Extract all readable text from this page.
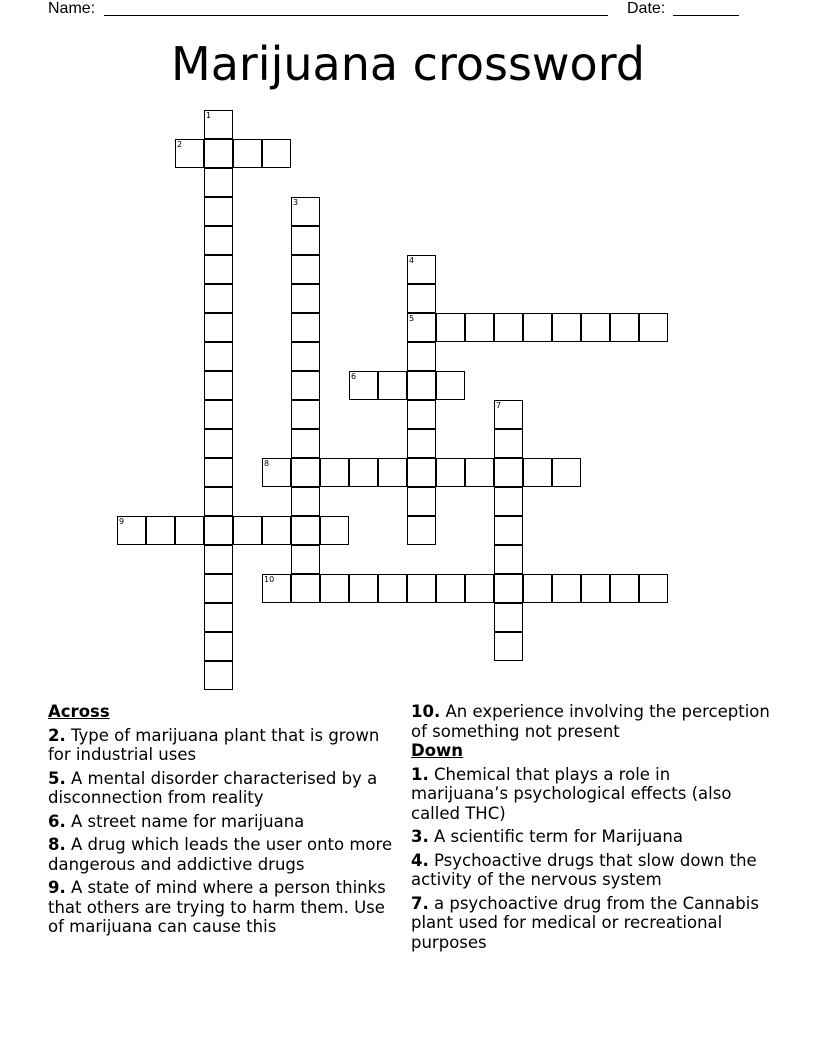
Name:	Date:
Marijuana crossword
1
2
3
4
5
6
7
8
9
10
Across
2. Type of marijuana plant that is grown for industrial uses
5. A mental disorder characterised by a disconnection from reality
6. A street name for marijuana
8. A drug which leads the user onto more dangerous and addictive drugs
9. A state of mind where a person thinks that others are trying to harm them. Use of marijuana can cause this
10. An experience involving the perception of something not present
Down
1. Chemical that plays a role in marijuana’s psychological effects (also called THC)
3. A scientific term for Marijuana
4. Psychoactive drugs that slow down the activity of the nervous system
7. a psychoactive drug from the Cannabis plant used for medical or recreational purposes
